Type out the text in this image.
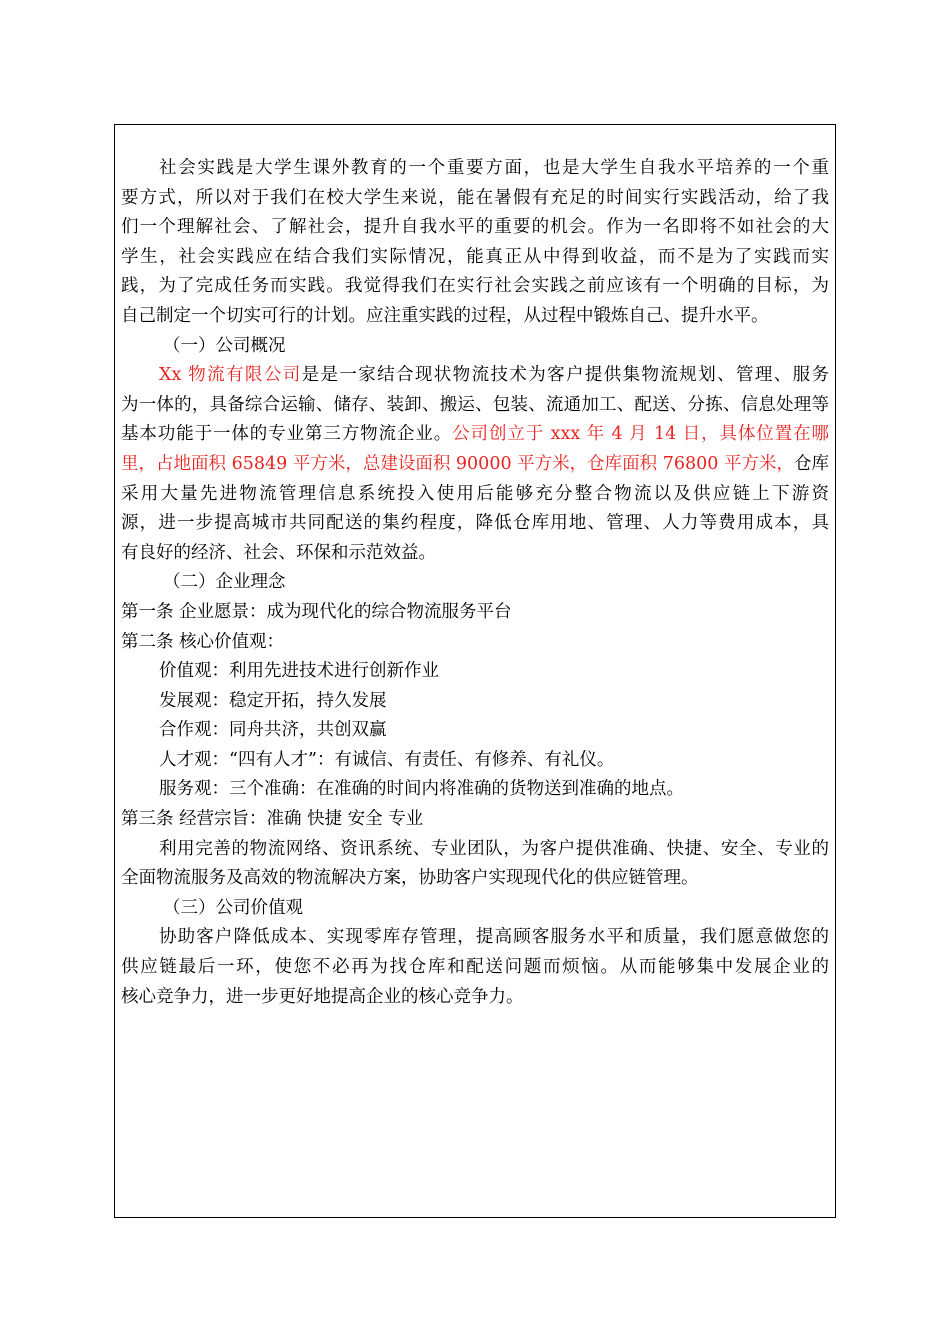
社会实践是大学生课外教育的一个重要方面，也是大学生自我水平培养的一个重
要方式，所以对于我们在校大学生来说，能在暑假有充足的时间实行实践活动，给了我
们一个理解社会、了解社会，提升自我水平的重要的机会。作为一名即将不如社会的大
学生，社会实践应在结合我们实际情况，能真正从中得到收益，而不是为了实践而实
践，为了完成任务而实践。我觉得我们在实行社会实践之前应该有一个明确的目标，为
自己制定一个切实可行的计划。应注重实践的过程，从过程中锻炼自己、提升水平。
（一）公司概况
Xx 物流有限公司是是一家结合现状物流技术为客户提供集物流规划、管理、服务
为一体的，具备综合运输、储存、装卸、搬运、包装、流通加工、配送、分拣、信息处理等
基本功能于一体的专业第三方物流企业。公司创立于 xxx 年 4 月 14 日，具体位置在哪
里，占地面积 65849 平方米，总建设面积 90000 平方米，仓库面积 76800 平方米，仓库
采用大量先进物流管理信息系统投入使用后能够充分整合物流以及供应链上下游资
源，进一步提高城市共同配送的集约程度，降低仓库用地、管理、人力等费用成本，具
有良好的经济、社会、环保和示范效益。
（二）企业理念
第一条 企业愿景：成为现代化的综合物流服务平台
第二条 核心价值观：
价值观：利用先进技术进行创新作业
发展观：稳定开拓，持久发展
合作观：同舟共济，共创双赢
人才观：“四有人才”：有诚信、有责任、有修养、有礼仪。
服务观：三个准确：在准确的时间内将准确的货物送到准确的地点。
第三条 经营宗旨：准确 快捷 安全 专业
利用完善的物流网络、资讯系统、专业团队，为客户提供准确、快捷、安全、专业的
全面物流服务及高效的物流解决方案，协助客户实现现代化的供应链管理。
（三）公司价值观
协助客户降低成本、实现零库存管理，提高顾客服务水平和质量，我们愿意做您的
供应链最后一环，使您不必再为找仓库和配送问题而烦恼。从而能够集中发展企业的
核心竞争力，进一步更好地提高企业的核心竞争力。
